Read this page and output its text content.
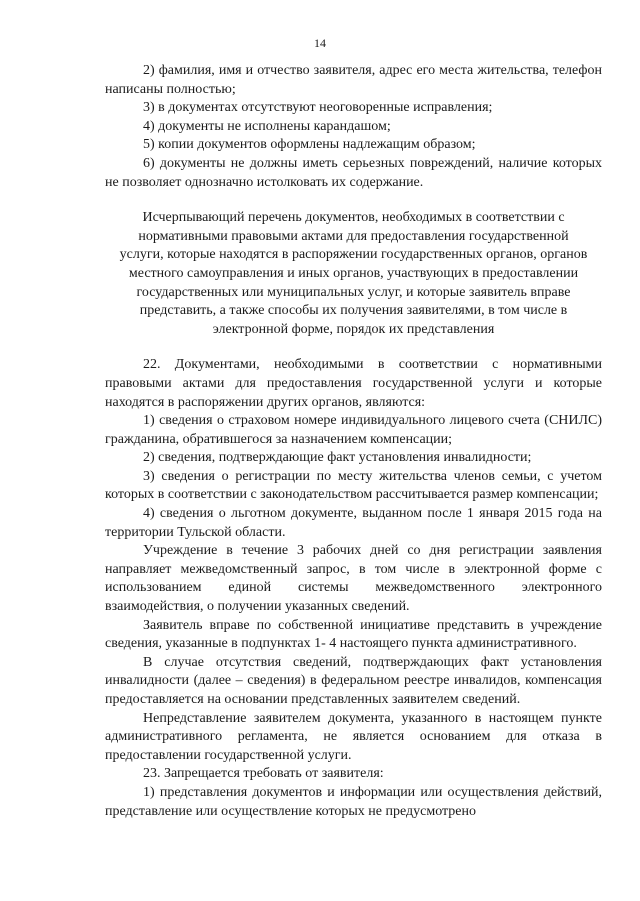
14

2) фамилия, имя и отчество заявителя, адрес его места жительства, телефон написаны полностью;

3) в документах отсутствуют неоговоренные исправления;

4) документы не исполнены карандашом;

5) копии документов оформлены надлежащим образом;

6) документы не должны иметь серьезных повреждений, наличие которых не позволяет однозначно истолковать их содержание.

Исчерпывающий перечень документов, необходимых в соответствии с нормативными правовыми актами для предоставления государственной услуги, которые находятся в распоряжении государственных органов, органов местного самоуправления и иных органов, участвующих в предоставлении государственных или муниципальных услуг, и которые заявитель вправе представить, а также способы их получения заявителями, в том числе в электронной форме, порядок их представления

22. Документами, необходимыми в соответствии с нормативными правовыми актами для предоставления государственной услуги и которые находятся в распоряжении других органов, являются:

1) сведения о страховом номере индивидуального лицевого счета (СНИЛС) гражданина, обратившегося за назначением компенсации;

2) сведения, подтверждающие факт установления инвалидности;

3) сведения о регистрации по месту жительства членов семьи, с учетом которых в соответствии с законодательством рассчитывается размер компенсации;

4) сведения о льготном документе, выданном после 1 января 2015 года на территории Тульской области.

Учреждение в течение 3 рабочих дней со дня регистрации заявления направляет межведомственный запрос, в том числе в электронной форме с использованием единой системы межведомственного электронного взаимодействия, о получении указанных сведений.

Заявитель вправе по собственной инициативе представить в учреждение сведения, указанные в подпунктах 1- 4 настоящего пункта административного.

В случае отсутствия сведений, подтверждающих факт установления инвалидности (далее – сведения) в федеральном реестре инвалидов, компенсация предоставляется на основании представленных заявителем сведений.

Непредставление заявителем документа, указанного в настоящем пункте административного регламента, не является основанием для отказа в предоставлении государственной услуги.

23. Запрещается требовать от заявителя:

1) представления документов и информации или осуществления действий, представление или осуществление которых не предусмотрено
